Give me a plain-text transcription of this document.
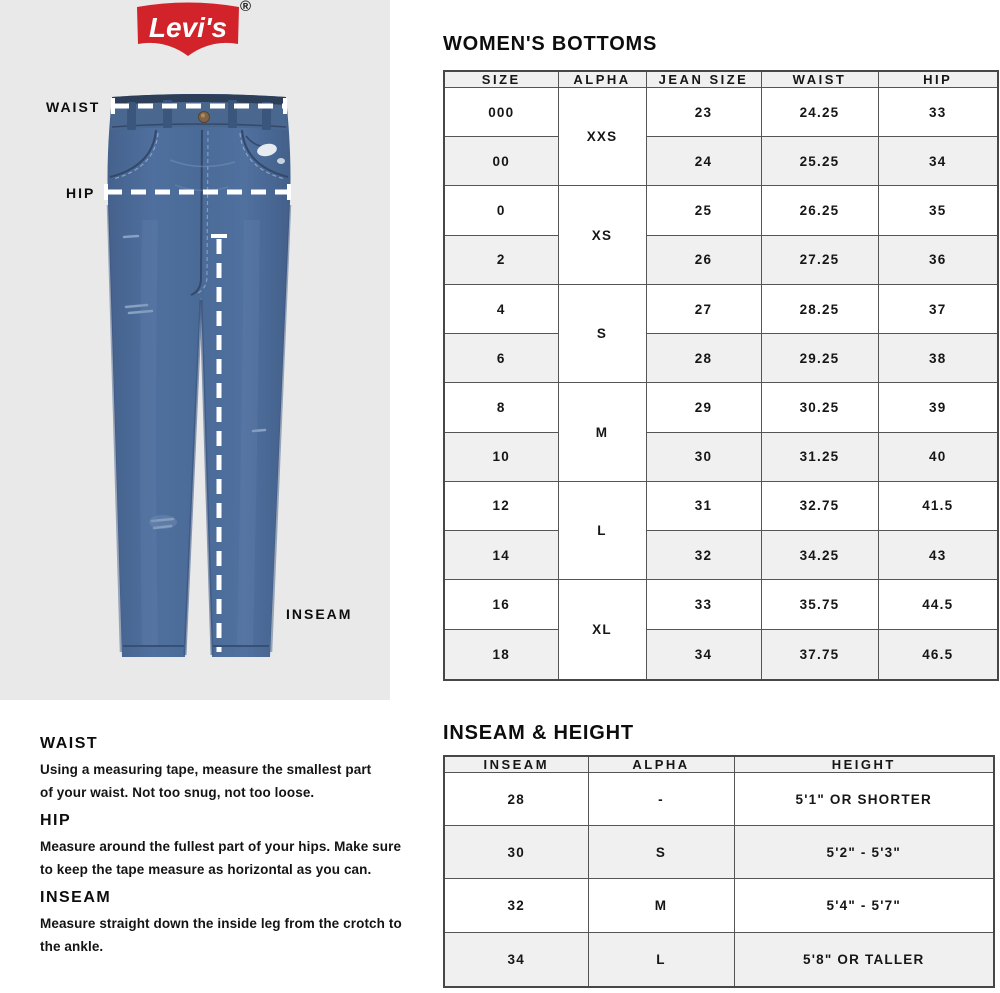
Levi's
®
WAIST
HIP
INSEAM
WOMEN'S BOTTOMS
SIZE	ALPHA	JEAN SIZE	WAIST	HIP
000	XXS	23	24.25	33
00		24	25.25	34
0	XS	25	26.25	35
2		26	27.25	36
4	S	27	28.25	37
6		28	29.25	38
8	M	29	30.25	39
10		30	31.25	40
12	L	31	32.75	41.5
14		32	34.25	43
16	XL	33	35.75	44.5
18		34	37.75	46.5
INSEAM & HEIGHT
INSEAM	ALPHA	HEIGHT
28	-	5'1" OR SHORTER
30	S	5'2" - 5'3"
32	M	5'4" - 5'7"
34	L	5'8" OR TALLER
WAIST
Using a measuring tape, measure the smallest part
of your waist. Not too snug, not too loose.
HIP
Measure around the fullest part of your hips. Make sure
to keep the tape measure as horizontal as you can.
INSEAM
Measure straight down the inside leg from the crotch to
the ankle.
